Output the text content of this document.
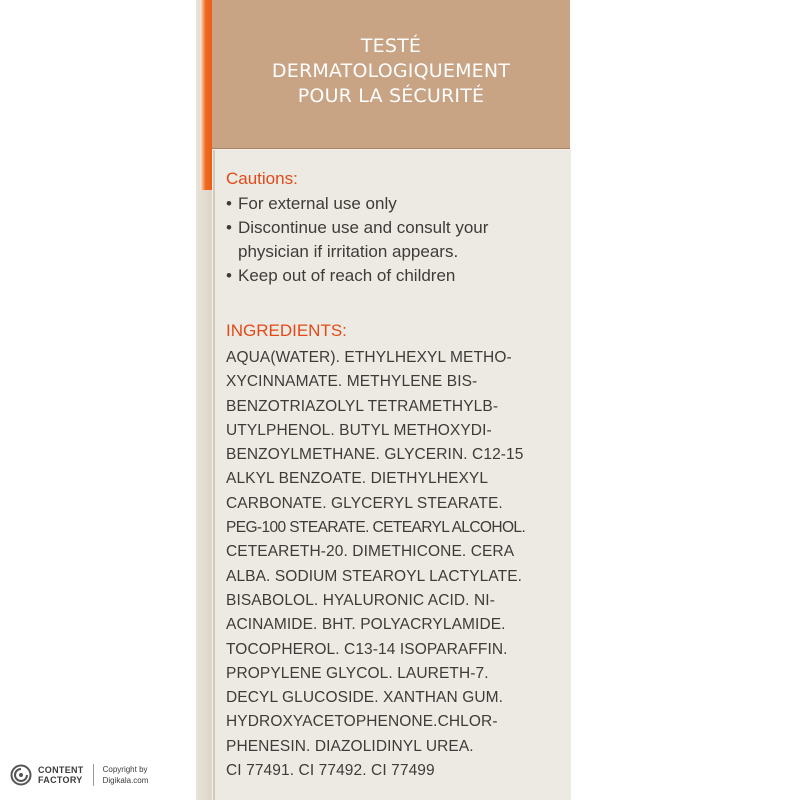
TESTÉ
DERMATOLOGIQUEMENT
POUR LA SÉCURITÉ
Cautions:
• For external use only
• Discontinue use and consult your
physician if irritation appears.
• Keep out of reach of children
INGREDIENTS:
AQUA(WATER). ETHYLHEXYL METHO-
XYCINNAMATE. METHYLENE BIS-
BENZOTRIAZOLYL TETRAMETHYLB-
UTYLPHENOL. BUTYL METHOXYDI-
BENZOYLMETHANE. GLYCERIN. C12-15
ALKYL BENZOATE. DIETHYLHEXYL
CARBONATE. GLYCERYL STEARATE.
PEG-100 STEARATE. CETEARYL ALCOHOL.
CETEARETH-20. DIMETHICONE. CERA
ALBA. SODIUM STEAROYL LACTYLATE.
BISABOLOL. HYALURONIC ACID. NI-
ACINAMIDE. BHT. POLYACRYLAMIDE.
TOCOPHEROL. C13-14 ISOPARAFFIN.
PROPYLENE GLYCOL. LAURETH-7.
DECYL GLUCOSIDE. XANTHAN GUM.
HYDROXYACETOPHENONE.CHLOR-
PHENESIN. DIAZOLIDINYL UREA.
CI 77491. CI 77492. CI 77499
CONTENT
FACTORY
Copyright by
Digikala.com
